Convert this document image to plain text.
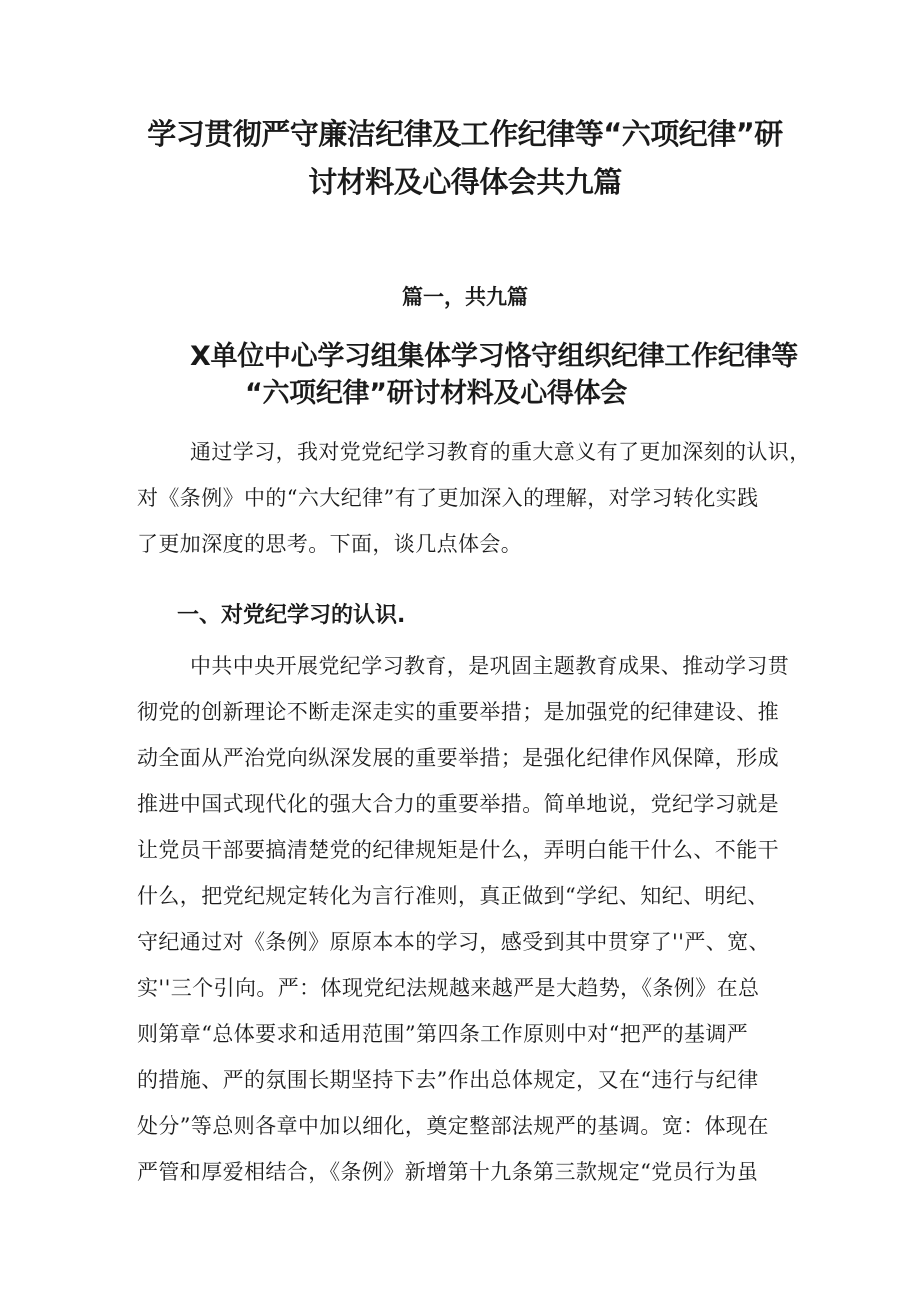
学习贯彻严守廉洁纪律及工作纪律等“六项纪律”研
讨材料及心得体会共九篇
篇一，共九篇
X单位中心学习组集体学习恪守组织纪律工作纪律等
“六项纪律”研讨材料及心得体会

通过学习，我对党党纪学习教育的重大意义有了更加深刻的认识，

对《条例》中的“六大纪律”有了更加深入的理解，对学习转化实践

了更加深度的思考。下面，谈几点体会。

一、对党纪学习的认识.

中共中央开展党纪学习教育，是巩固主题教育成果、推动学习贯

彻党的创新理论不断走深走实的重要举措；是加强党的纪律建设、推

动全面从严治党向纵深发展的重要举措；是强化纪律作风保障，形成

推进中国式现代化的强大合力的重要举措。简单地说，党纪学习就是

让党员干部要搞清楚党的纪律规矩是什么，弄明白能干什么、不能干

什么，把党纪规定转化为言行准则，真正做到“学纪、知纪、明纪、

守纪通过对《条例》原原本本的学习，感受到其中贯穿了''严、宽、

实''三个引向。严：体现党纪法规越来越严是大趋势，《条例》在总

则第章“总体要求和适用范围”第四条工作原则中对“把严的基调严

的措施、严的氛围长期坚持下去”作出总体规定，又在“违行与纪律

处分”等总则各章中加以细化，奠定整部法规严的基调。宽：体现在

严管和厚爱相结合，《条例》新增第十九条第三款规定“党员行为虽
